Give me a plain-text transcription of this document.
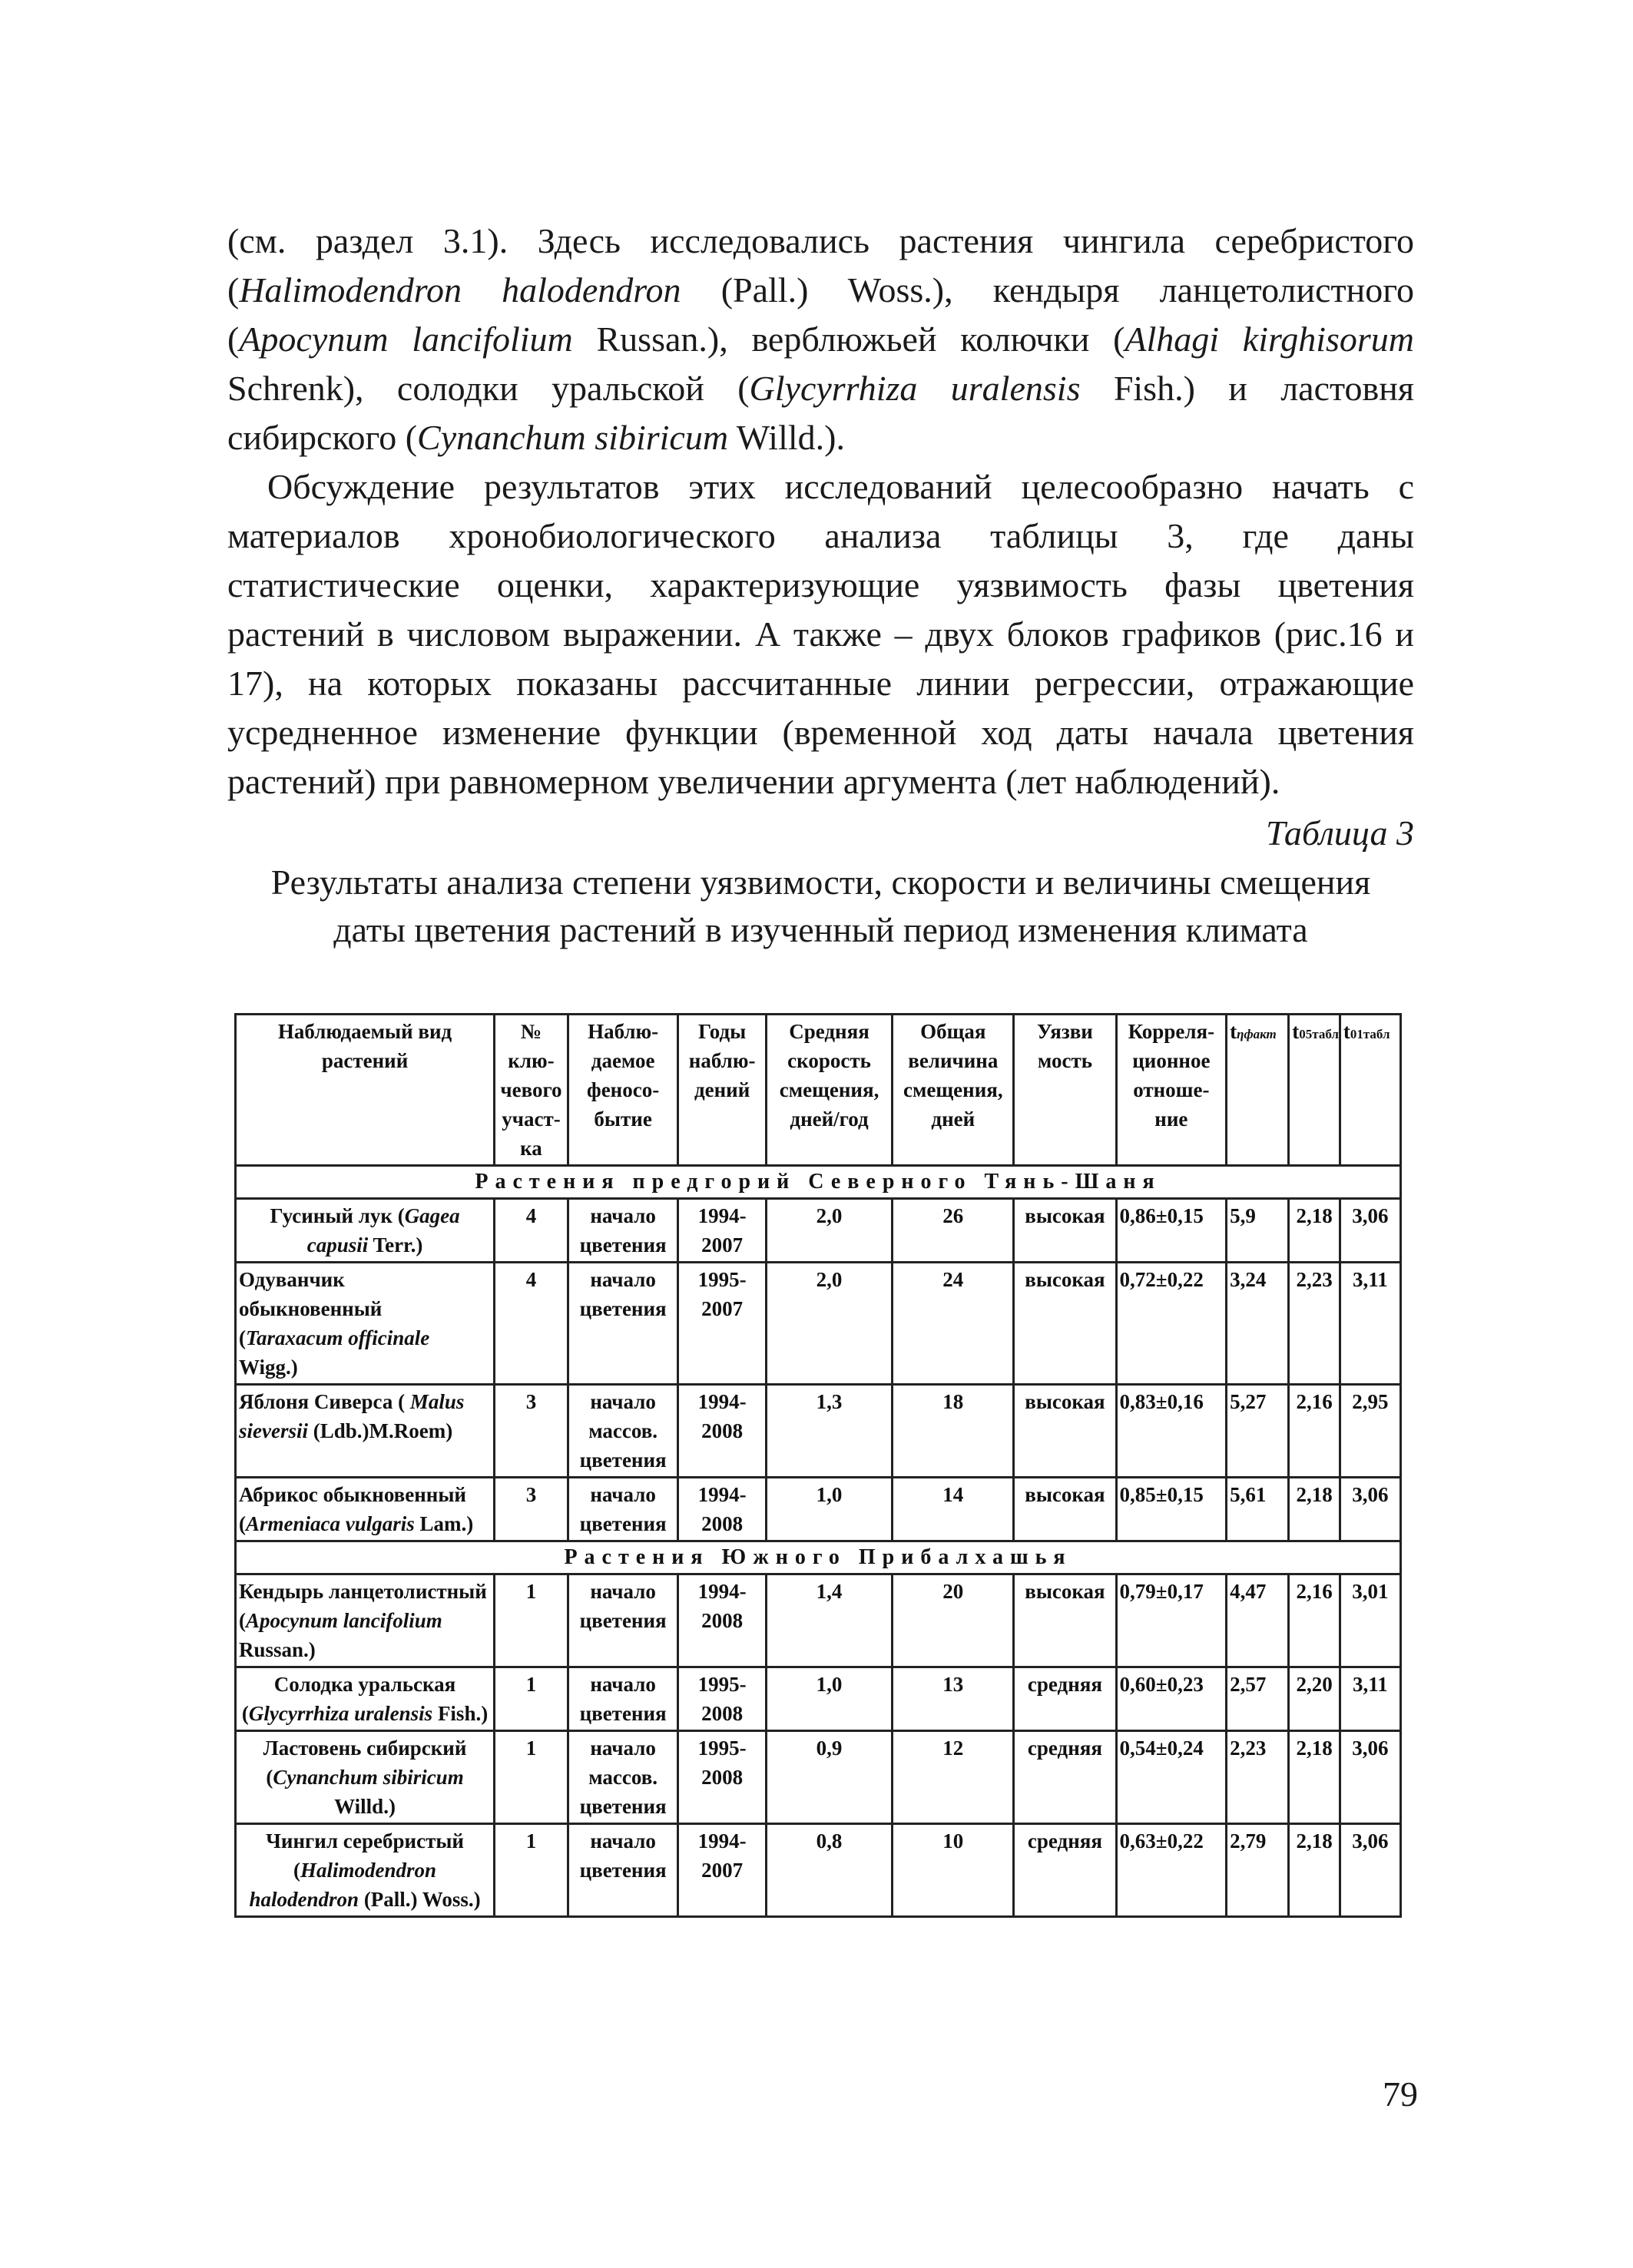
(см. раздел 3.1). Здесь исследовались растения чингила серебристого (Halimodendron halodendron (Pall.) Woss.), кендыря ланцетолистного (Apocynum lancifolium Russan.), верблюжьей колючки (Alhagi kirghisorum Schrenk), солодки уральской (Glycyrrhiza uralensis Fish.) и ластовня сибирского (Cynanchum sibiricum Willd.).

Обсуждение результатов этих исследований целесообразно начать с материалов хронобиологического анализа таблицы 3, где даны статистические оценки, характеризующие уязвимость фазы цветения растений в числовом выражении. А также – двух блоков графиков (рис.16 и 17), на которых показаны рассчитанные линии регрессии, отражающие усредненное изменение функции (временной ход даты начала цветения растений) при равномерном увеличении аргумента (лет наблюдений).

Таблица 3
Результаты анализа степени уязвимости, скорости и величины смещения
даты цветения растений в изученный период изменения климата
Наблюдаемый вид растений	№ клю-чевого участ-ка	Наблю-даемое феносо-бытие	Годы наблю-дений	Средняя скорость смещения, дней/год	Общая величина смещения, дней	Уязви мость	Корреля-ционное отноше-ние	tηфакт	t05табл	t01табл
Растения предгорий Северного Тянь-Шаня										
Гусиный лук (Gagea capusii Terr.)	4	начало цветения	1994-2007	2,0	26	высокая	0,86±0,15	5,9	2,18	3,06
Одуванчик обыкновенный (Taraxacum officinale Wigg.)	4	начало цветения	1995-2007	2,0	24	высокая	0,72±0,22	3,24	2,23	3,11
Яблоня Сиверса ( Malus sieversii (Ldb.)M.Roem)	3	начало массов. цветения	1994-2008	1,3	18	высокая	0,83±0,16	5,27	2,16	2,95
Абрикос обыкновенный (Armeniaca vulgaris Lam.)	3	начало цветения	1994-2008	1,0	14	высокая	0,85±0,15	5,61	2,18	3,06
Растения Южного Прибалхашья										
Кендырь ланцетолистный (Apocynum lancifolium Russan.)	1	начало цветения	1994-2008	1,4	20	высокая	0,79±0,17	4,47	2,16	3,01
Солодка уральская (Glycyrrhiza uralensis Fish.)	1	начало цветения	1995-2008	1,0	13	средняя	0,60±0,23	2,57	2,20	3,11
Ластовень сибирский (Cynanchum sibiricum Willd.)	1	начало массов. цветения	1995-2008	0,9	12	средняя	0,54±0,24	2,23	2,18	3,06
Чингил серебристый (Halimodendron halodendron (Pall.) Woss.)	1	начало цветения	1994-2007	0,8	10	средняя	0,63±0,22	2,79	2,18	3,06
79
